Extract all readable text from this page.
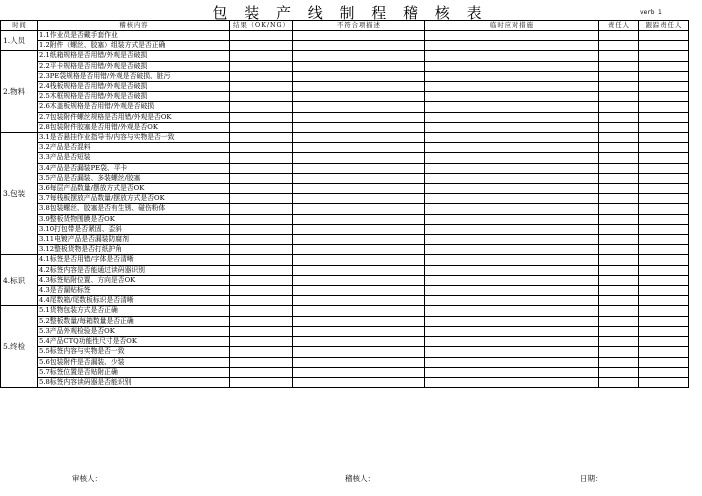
包 装 产 线 制 程 稽 核 表	verb 1
时间	稽核内容	结果（OK/NG）	不符合项描述	临时应对措施	责任人	跟踪责任人
1.人员	1.1作业员是否戴手套作业					
	1.2附件（螺丝、胶塞）组装方式是否正确					
2.物料	2.1纸箱规格是否用错/外观是否破损					
	2.2平卡规格是否用错/外观是否破损					
	2.3PE袋规格是否用错/外观是否破损、脏污					
	2.4栈板规格是否用错/外观是否破损					
	2.5木框规格是否用错/外观是否破损					
	2.6木盖板规格是否用错/外观是否破损					
	2.7包装附件螺丝规格是否用错/外观是否OK					
	2.8包装附件胶塞是否用错/外观是否OK					
3.包装	3.1是否悬挂作业指导书/内容与实物是否一致					
	3.2产品是否混料					
	3.3产品是否短装					
	3.4产品是否漏装PE袋、平卡					
	3.5产品是否漏装、多装螺丝/胶塞					
	3.6每层产品数量/摆放方式是否OK					
	3.7每栈板摆放产品数量/摆放方式是否OK					
	3.8包装螺丝、胶塞是否有生锈、碰伤粉体					
	3.9整板货物围膜是否OK					
	3.10打包带是否紧固、歪斜					
	3.11电镀产品是否漏装防腐剂					
	3.12整板货物是否打纸护角					
4.标识	4.1标签是否用错/字体是否清晰					
	4.2标签内容是否能通过读码器识别					
	4.3标签贴附位置、方向是否OK					
	4.3是否漏贴标签					
	4.4尾数箱/尾数板标识是否清晰					
5.终检	5.1货物包装方式是否正确					
	5.2整板数量/每箱数量是否正确					
	5.3产品外观检验是否OK					
	5.4产品CTQ功能性尺寸是否OK					
	5.5标签内容与实物是否一致					
	5.6包装附件是否漏装、少装					
	5.7标签位置是否贴附正确					
	5.8标签内容读码器是否能识别					
审核人：	稽核人：	日期：
